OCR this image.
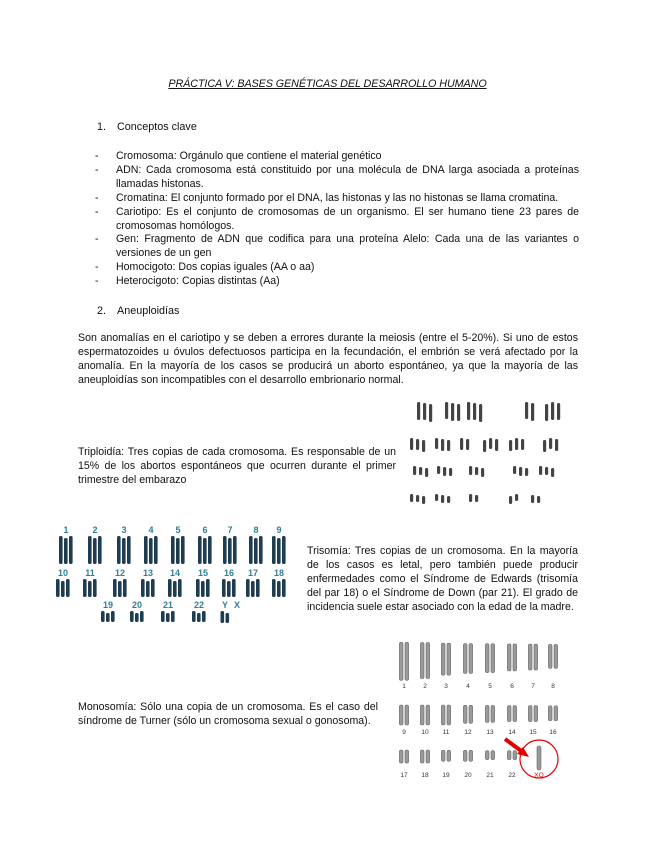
PRÁCTICA V: BASES GENÉTICAS DEL DESARROLLO HUMANO
1. Conceptos clave
- Cromosoma: Orgánulo que contiene el material genético
- ADN: Cada cromosoma está constituido por una molécula de DNA larga asociada a proteínas llamadas histonas.
- Cromatina: El conjunto formado por el DNA, las histonas y las no histonas se llama cromatina.
- Cariotipo: Es el conjunto de cromosomas de un organismo. El ser humano tiene 23 pares de cromosomas homólogos.
- Gen: Fragmento de ADN que codifica para una proteína Alelo: Cada una de las variantes o versiones de un gen
- Homocigoto: Dos copias iguales (AA o aa)
- Heterocigoto: Copias distintas (Aa)
2. Aneuploidías
Son anomalías en el cariotipo y se deben a errores durante la meiosis (entre el 5-20%). Si uno de estos espermatozoides u óvulos defectuosos participa en la fecundación, el embrión se verá afectado por la anomalía. En la mayoría de los casos se producirá un aborto espontáneo, ya que la mayoría de las aneuploidías son incompatibles con el desarrollo embrionario normal.
Triploidía: Tres copias de cada cromosoma. Es responsable de un 15% de los abortos espontáneos que ocurren durante el primer trimestre del embarazo
1	2	3 4 5 6 7 8 9
10 11 12 13 14 15 16 17 18
19 20 21 22 Y X
Trisomía: Tres copias de un cromosoma. En la mayoría de los casos es letal, pero también puede producir enfermedades como el Síndrome de Edwards (trisomía del par 18) o el Síndrome de Down (par 21). El grado de incidencia suele estar asociado con la edad de la madre.
1	2	3	4	5	6	7	8
9 10 11 12 13 14 15 16
17 18 19 20 21 22	XO
Monosomía: Sólo una copia de un cromosoma. Es el caso del síndrome de Turner (sólo un cromosoma sexual o gonosoma).
